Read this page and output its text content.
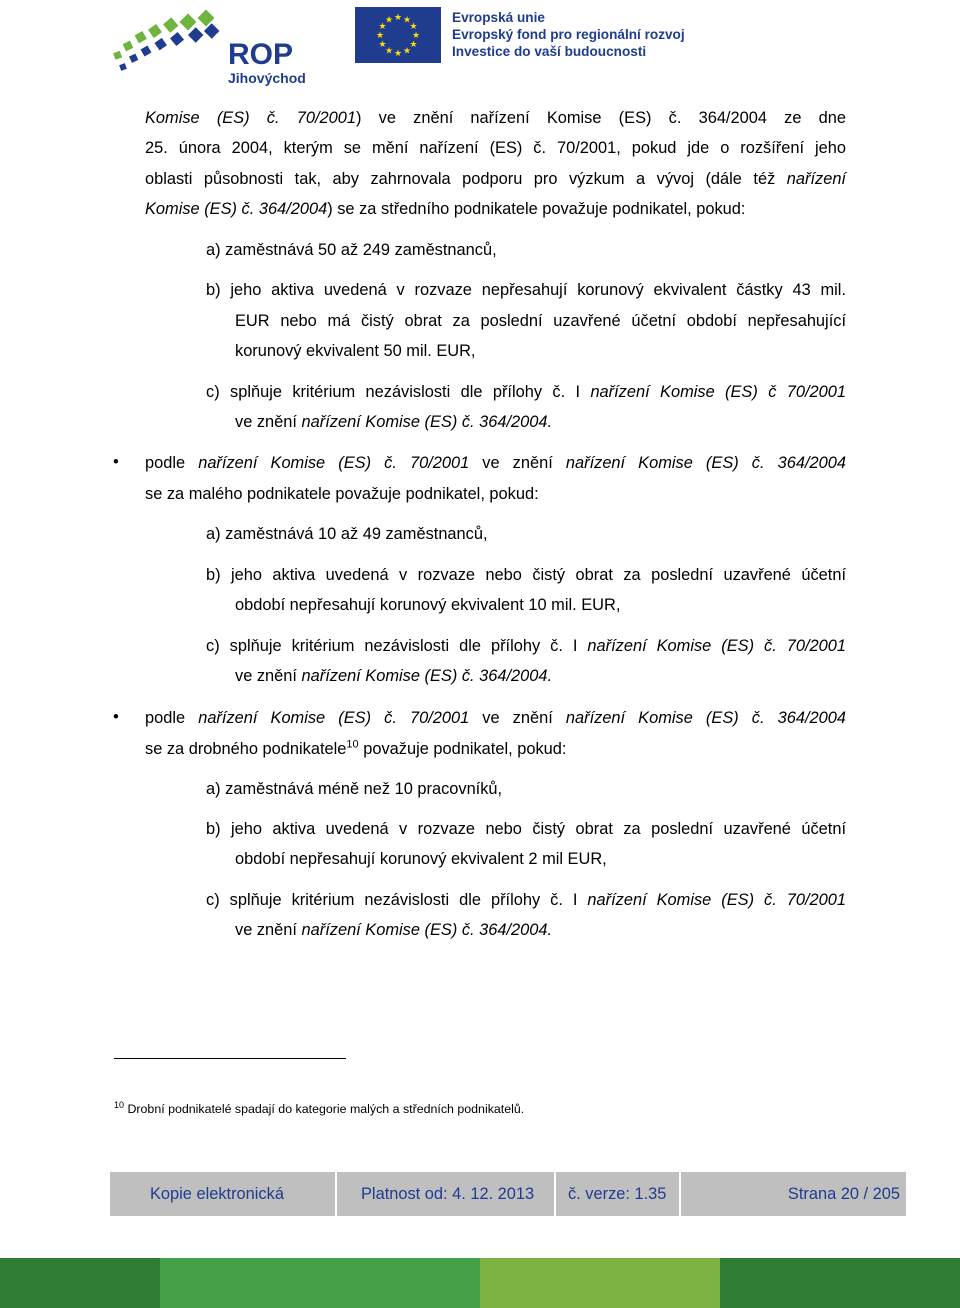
ROP
Jihovýchod
★ ★
★
★
★
★
★
★
★
★
★
★	Evropská unie
Evropský fond pro regionální rozvoj
Investice do vaší budoucnosti
Komise (ES) č. 70/2001) ve znění nařízení Komise (ES) č. 364/2004 ze dne
25. února 2004, kterým se mění nařízení (ES) č. 70/2001, pokud jde o rozšíření jeho
oblasti působnosti tak, aby zahrnovala podporu pro výzkum a vývoj (dále též nařízení
Komise (ES) č. 364/2004) se za středního podnikatele považuje podnikatel, pokud:
a) zaměstnává 50 až 249 zaměstnanců,
b) jeho aktiva uvedená v rozvaze nepřesahují korunový ekvivalent částky 43 mil.
EUR nebo má čistý obrat za poslední uzavřené účetní období nepřesahující
korunový ekvivalent 50 mil. EUR,
c) splňuje kritérium nezávislosti dle přílohy č. I nařízení Komise (ES) č 70/2001
ve znění nařízení Komise (ES) č. 364/2004.
• podle nařízení Komise (ES) č. 70/2001 ve znění nařízení Komise (ES) č. 364/2004
se za malého podnikatele považuje podnikatel, pokud:
a) zaměstnává 10 až 49 zaměstnanců,
b) jeho aktiva uvedená v rozvaze nebo čistý obrat za poslední uzavřené účetní
období nepřesahují korunový ekvivalent 10 mil. EUR,
c) splňuje kritérium nezávislosti dle přílohy č. I nařízení Komise (ES) č. 70/2001
ve znění nařízení Komise (ES) č. 364/2004.
• podle nařízení Komise (ES) č. 70/2001 ve znění nařízení Komise (ES) č. 364/2004
se za drobného podnikatele$^{10}$ považuje podnikatel, pokud:
a) zaměstnává méně než 10 pracovníků,
b) jeho aktiva uvedená v rozvaze nebo čistý obrat za poslední uzavřené účetní
období nepřesahují korunový ekvivalent 2 mil EUR,
c) splňuje kritérium nezávislosti dle přílohy č. I nařízení Komise (ES) č. 70/2001
ve znění nařízení Komise (ES) č. 364/2004.
$^{10}$ Drobní podnikatelé spadají do kategorie malých a středních podnikatelů.
Kopie elektronická	Platnost od: 4. 12. 2013 č. verze: 1.35	Strana 20 / 205
